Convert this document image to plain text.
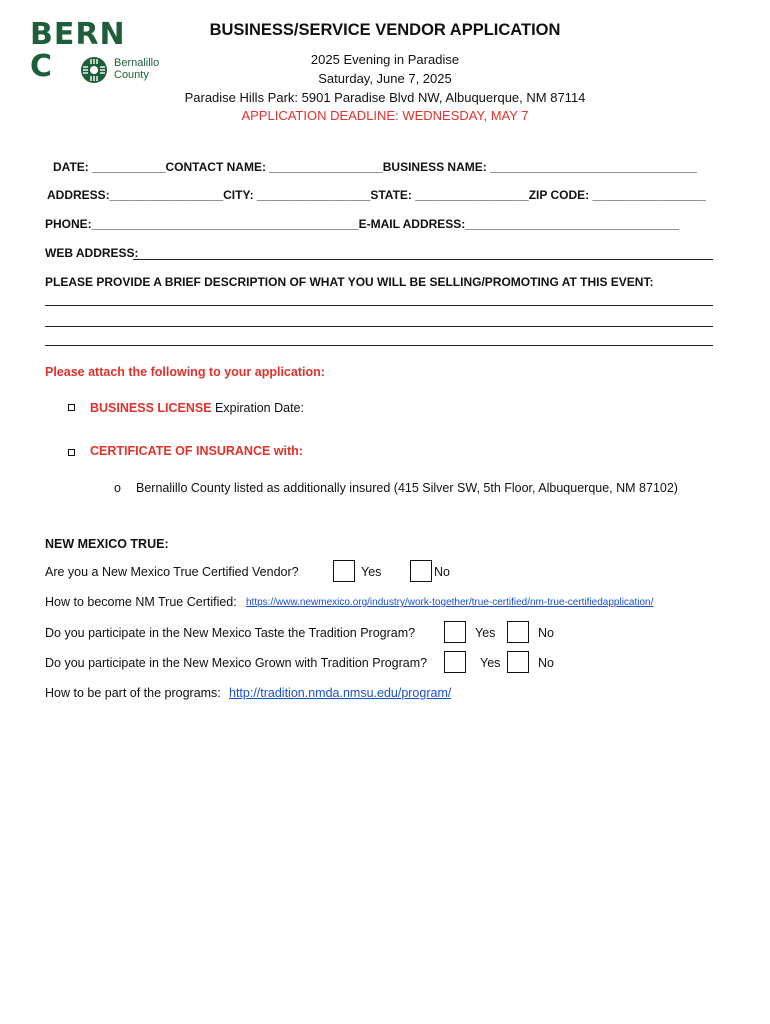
BERN
C	Bernalillo
County
BUSINESS/SERVICE VENDOR APPLICATION
2025 Evening in Paradise
Saturday, June 7, 2025
Paradise Hills Park: 5901 Paradise Blvd NW, Albuquerque, NM 87114
APPLICATION DEADLINE: WEDNESDAY, MAY 7
DATE: ___________CONTACT NAME: _________________BUSINESS NAME: _______________________________
ADDRESS:_________________CITY: _________________STATE: _________________ZIP CODE: _________________
PHONE:________________________________________E-MAIL ADDRESS:________________________________
WEB ADDRESS:
PLEASE PROVIDE A BRIEF DESCRIPTION OF WHAT YOU WILL BE SELLING/PROMOTING AT THIS EVENT:
Please attach the following to your application:
BUSINESS LICENSE Expiration Date:
CERTIFICATE OF INSURANCE with:
o Bernalillo County listed as additionally insured (415 Silver SW, 5th Floor, Albuquerque, NM 87102)
NEW MEXICO TRUE:
Are you a New Mexico True Certified Vendor?	Yes	No
How to become NM True Certified: https://www.newmexico.org/industry/work-together/true-certified/nm-true-certifiedapplication/
Do you participate in the New Mexico Taste the Tradition Program?	Yes	No
Do you participate in the New Mexico Grown with Tradition Program?	Yes	No
How to be part of the programs: http://tradition.nmda.nmsu.edu/program/
